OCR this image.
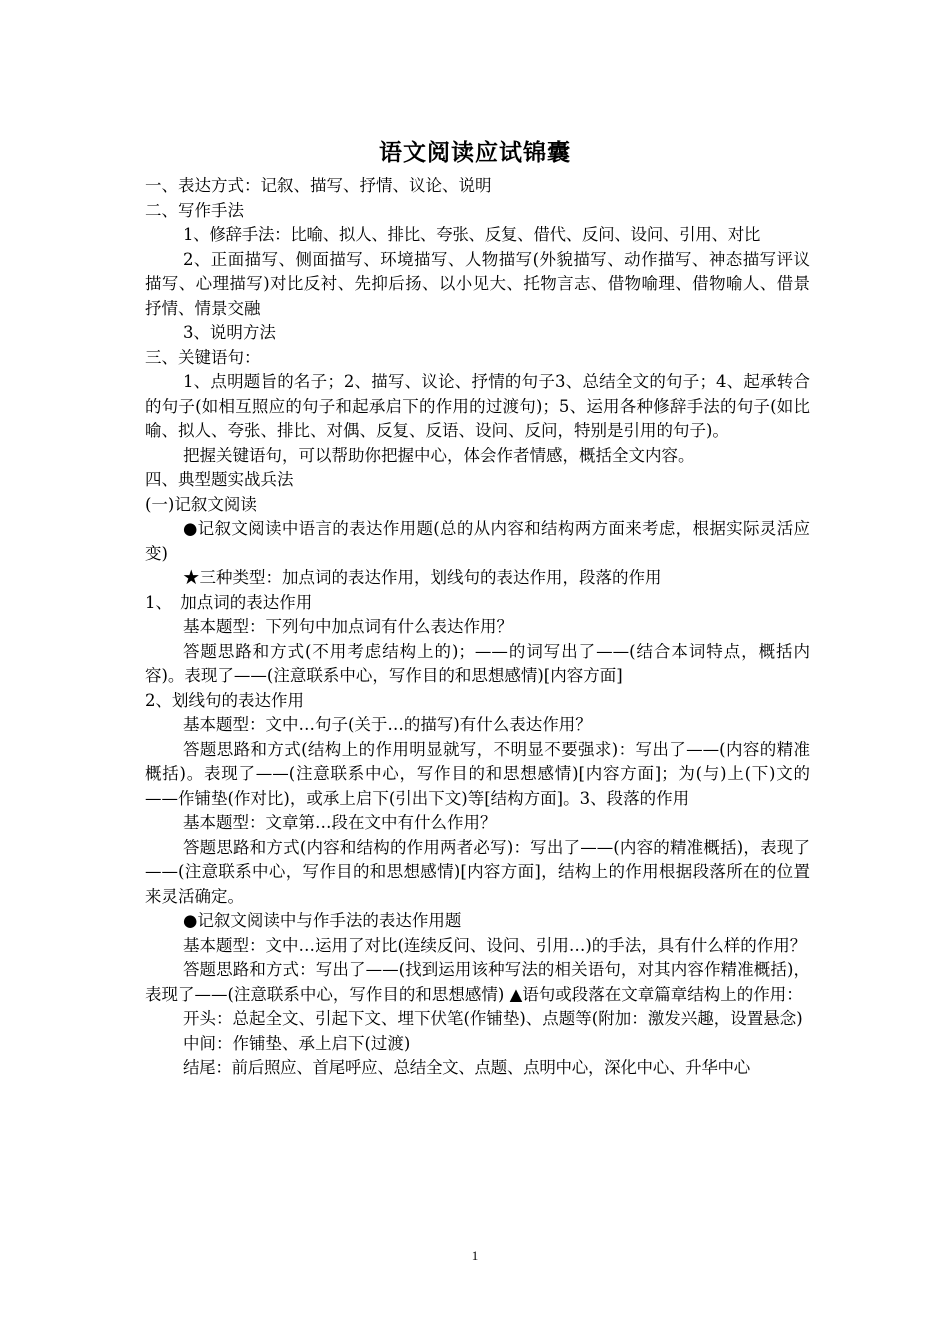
语文阅读应试锦囊

一、表达方式：记叙、描写、抒情、议论、说明

二、写作手法

1、修辞手法：比喻、拟人、排比、夸张、反复、借代、反问、设问、引用、对比

2、正面描写、侧面描写、环境描写、人物描写(外貌描写、动作描写、神态描写评议描写、心理描写)对比反衬、先抑后扬、以小见大、托物言志、借物喻理、借物喻人、借景抒情、情景交融

3、说明方法

三、关键语句：

1、点明题旨的名子；2、描写、议论、抒情的句子3、总结全文的句子；4、起承转合的句子(如相互照应的句子和起承启下的作用的过渡句)；5、运用各种修辞手法的句子(如比喻、拟人、夸张、排比、对偶、反复、反语、设问、反问，特别是引用的句子)。

把握关键语句，可以帮助你把握中心，体会作者情感，概括全文内容。

四、典型题实战兵法

(一)记叙文阅读

●记叙文阅读中语言的表达作用题(总的从内容和结构两方面来考虑，根据实际灵活应变)

★三种类型：加点词的表达作用，划线句的表达作用，段落的作用

1、　加点词的表达作用

基本题型：下列句中加点词有什么表达作用？

答题思路和方式(不用考虑结构上的)；——的词写出了——(结合本词特点，概括内容)。表现了——(注意联系中心，写作目的和思想感情)[内容方面]

2、划线句的表达作用

基本题型：文中…句子(关于…的描写)有什么表达作用？

答题思路和方式(结构上的作用明显就写，不明显不要强求)：写出了——(内容的精准概括)。表现了——(注意联系中心，写作目的和思想感情)[内容方面]；为(与)上(下)文的——作铺垫(作对比)，或承上启下(引出下文)等[结构方面]。3、段落的作用

基本题型：文章第…段在文中有什么作用？

答题思路和方式(内容和结构的作用两者必写)：写出了——(内容的精准概括)，表现了——(注意联系中心，写作目的和思想感情)[内容方面]，结构上的作用根据段落所在的位置来灵活确定。

●记叙文阅读中与作手法的表达作用题

基本题型：文中…运用了对比(连续反问、设问、引用…)的手法，具有什么样的作用？

答题思路和方式：写出了——(找到运用该种写法的相关语句，对其内容作精准概括)，表现了——(注意联系中心，写作目的和思想感情) ▲语句或段落在文章篇章结构上的作用：

开头：总起全文、引起下文、埋下伏笔(作铺垫)、点题等(附加：激发兴趣，设置悬念)

中间：作铺垫、承上启下(过渡)

结尾：前后照应、首尾呼应、总结全文、点题、点明中心，深化中心、升华中心

1
